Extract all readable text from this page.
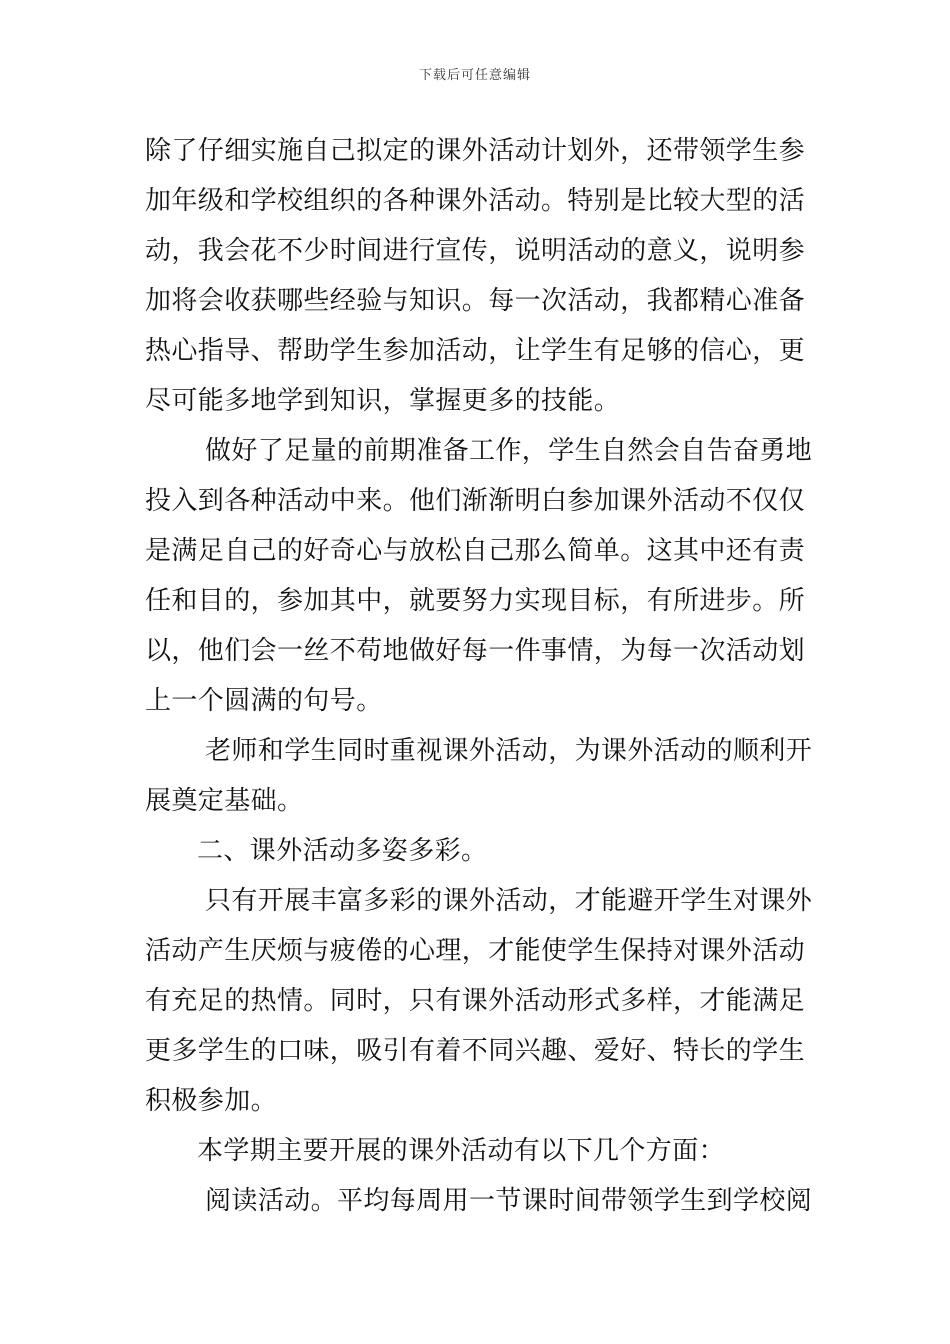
下载后可任意编辑
除了仔细实施自己拟定的课外活动计划外，还带领学生参
加年级和学校组织的各种课外活动。特别是比较大型的活
动，我会花不少时间进行宣传，说明活动的意义，说明参
加将会收获哪些经验与知识。每一次活动，我都精心准备
热心指导、帮助学生参加活动，让学生有足够的信心，更
尽可能多地学到知识，掌握更多的技能。
做好了足量的前期准备工作，学生自然会自告奋勇地
投入到各种活动中来。他们渐渐明白参加课外活动不仅仅
是满足自己的好奇心与放松自己那么简单。这其中还有责
任和目的，参加其中，就要努力实现目标，有所进步。所
以，他们会一丝不苟地做好每一件事情，为每一次活动划
上一个圆满的句号。
老师和学生同时重视课外活动，为课外活动的顺利开
展奠定基础。
二、课外活动多姿多彩。
只有开展丰富多彩的课外活动，才能避开学生对课外
活动产生厌烦与疲倦的心理，才能使学生保持对课外活动
有充足的热情。同时，只有课外活动形式多样，才能满足
更多学生的口味，吸引有着不同兴趣、爱好、特长的学生
积极参加。
本学期主要开展的课外活动有以下几个方面：
阅读活动。平均每周用一节课时间带领学生到学校阅
